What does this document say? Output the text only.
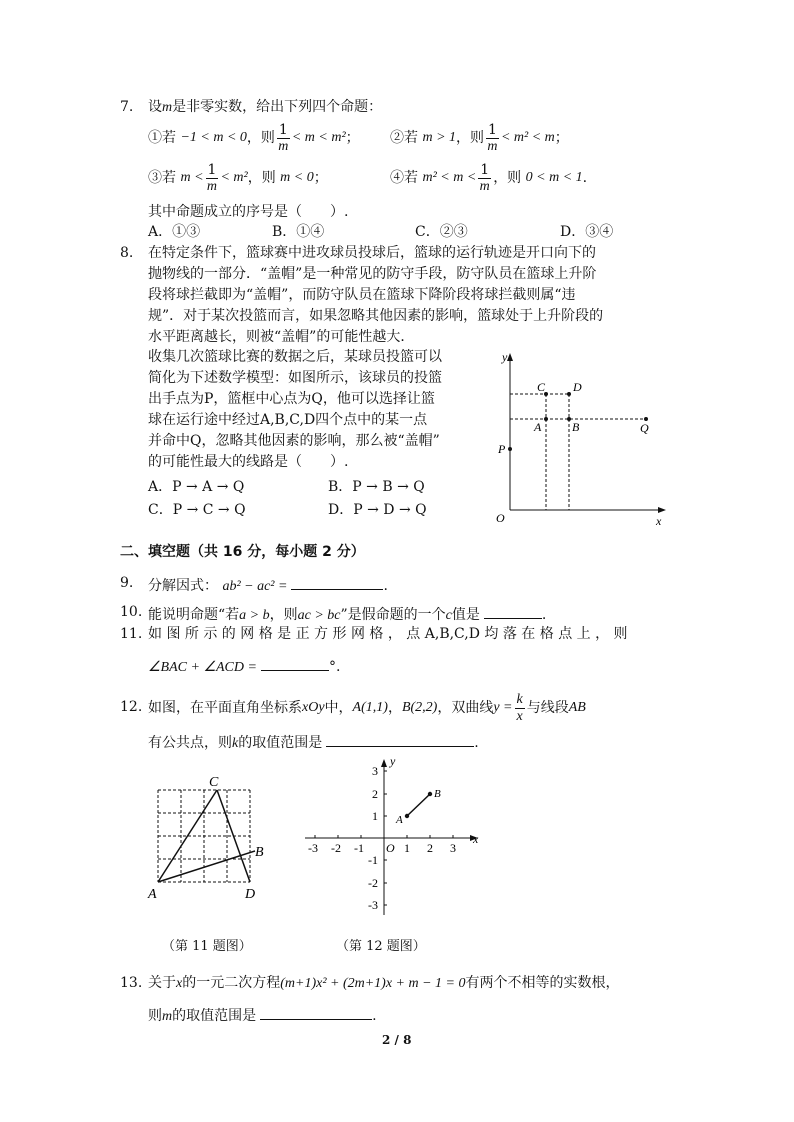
7. 设m是非零实数，给出下列四个命题：
①若
−1 < m < 0 ，则 $\frac{1}{m} < m < m^2$ ； ②若
m > 1 ，则 $\frac{1}{m} < m^2 < m$ ；
③若
$m < \frac{1}{m} < m^2$ ，则
m < 0 ；	④若
$m^2 < m < \frac{1}{m}$ ，则
0 < m < 1 .
其中命题成立的序号是（　　）.
A．①③	B．①④	C．②③	D．③④
8. 在特定条件下，篮球赛中进攻球员投球后，篮球的运行轨迹是开口向下的
抛物线的一部分．“盖帽”是一种常见的防守手段，防守队员在篮球上升阶
段将球拦截即为“盖帽”，而防守队员在篮球下降阶段将球拦截则属“违
规”．对于某次投篮而言，如果忽略其他因素的影响，篮球处于上升阶段的
水平距离越长，则被“盖帽”的可能性越大．
收集几次篮球比赛的数据之后，某球员投篮可以
简化为下述数学模型：如图所示，该球员的投篮
出手点为P，篮框中心点为Q，他可以选择让篮
球在运行途中经过A,B,C,D四个点中的某一点
并命中Q，忽略其他因素的影响，那么被“盖帽”
的可能性最大的线路是（　　）.
A．P → A → Q	B．P → B → Q
C．P → C → Q	D．P → D → Q
y
x
O
P
Q
A	B
C D
二、填空题（共 16 分，每小题 2 分）
9. 分解因式：
ab² − ac² =	.
10. 能说明命题“若 a > b ，则 ac > bc ”是假命题的一个 c 值是	.
11. 如 图 所 示 的 网 格 是 正 方 形 网 格 ， 点 A,B,C,D 均 落 在 格 点 上 ， 则
∠BAC + ∠ACD =	°.
12. 如图，在平面直角坐标系 xOy 中， A(1,1) ， B(2,2) ，双曲线 $y = \frac{k}{x}$ 与线段 AB
有公共点，则 k 的取值范围是	.
C
A
B
D
y
x
O
A
B
-3 -2 -1	1 2 3
3
2
1
-1
-2
-3
（第 11 题图）	（第 12 题图）
13. 关于 x 的一元二次方程 (m+1)x² + (2m+1)x + m − 1 = 0 有两个不相等的实数根，
则 m 的取值范围是	.
2 / 8
